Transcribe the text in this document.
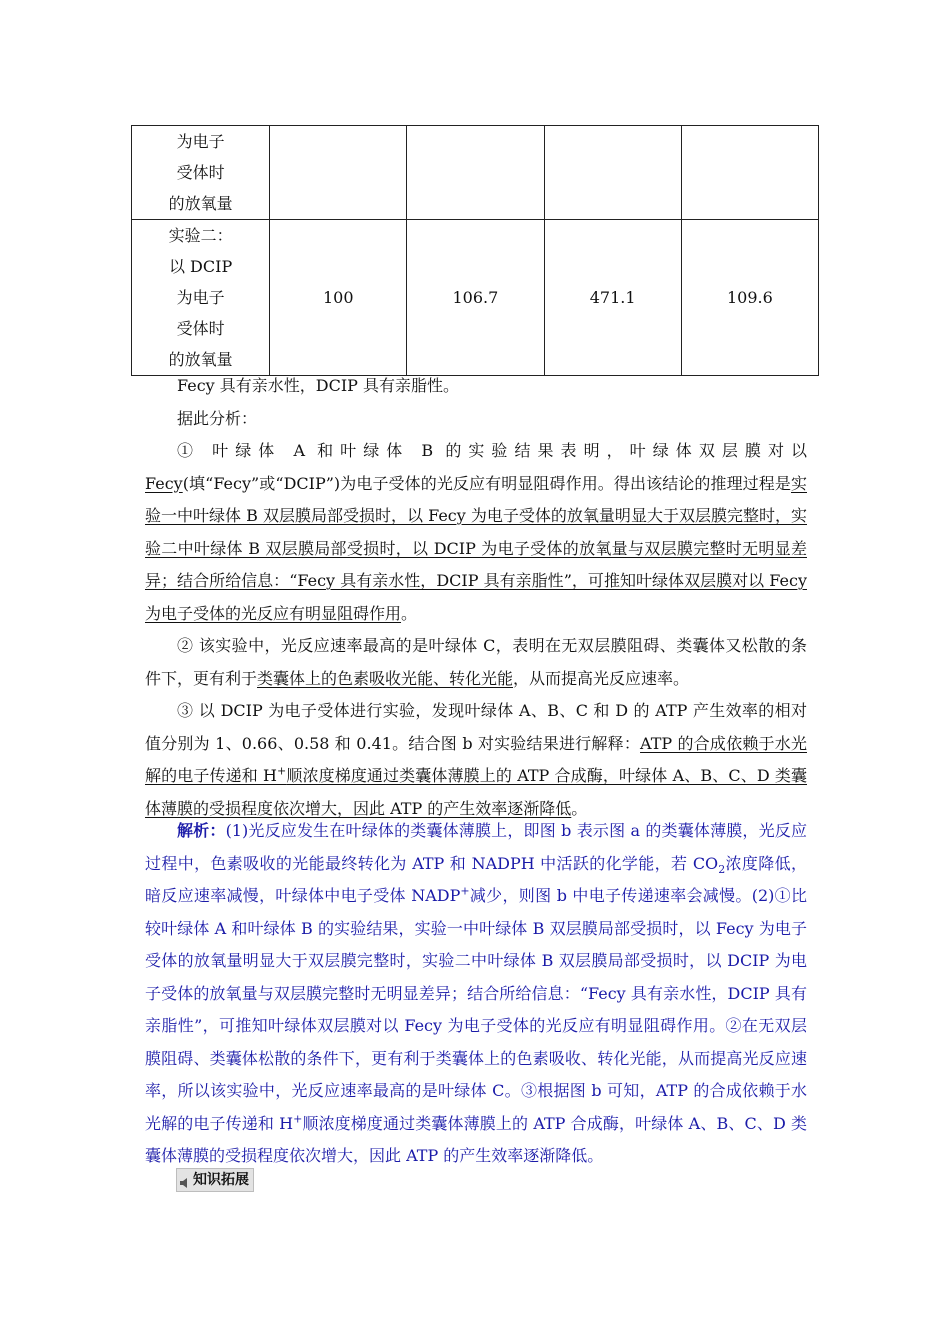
为电子
受体时
的放氧量				

实验二：
以 DCIP
为电子
受体时
的放氧量	100	106.7	471.1	109.6
Fecy 具有亲水性，DCIP 具有亲脂性。
据此分析：
① 叶绿体 A 和叶绿体 B 的实验结果表明，叶绿体双层膜对以 Fecy(填“Fecy”或“DCIP”)为电子受体的光反应有明显阻碍作用。得出该结论的推理过程是实验一中叶绿体 B 双层膜局部受损时，以 Fecy 为电子受体的放氧量明显大于双层膜完整时，实验二中叶绿体 B 双层膜局部受损时，以 DCIP 为电子受体的放氧量与双层膜完整时无明显差异；结合所给信息：“Fecy 具有亲水性，DCIP 具有亲脂性”，可推知叶绿体双层膜对以 Fecy 为电子受体的光反应有明显阻碍作用。
② 该实验中，光反应速率最高的是叶绿体 C，表明在无双层膜阻碍、类囊体又松散的条件下，更有利于类囊体上的色素吸收光能、转化光能，从而提高光反应速率。
③ 以 DCIP 为电子受体进行实验，发现叶绿体 A、B、C 和 D 的 ATP 产生效率的相对值分别为 1、0.66、0.58 和 0.41。结合图 b 对实验结果进行解释：ATP 的合成依赖于水光解的电子传递和 H+顺浓度梯度通过类囊体薄膜上的 ATP 合成酶，叶绿体 A、B、C、D 类囊体薄膜的受损程度依次增大，因此 ATP 的产生效率逐渐降低。
解析：(1)光反应发生在叶绿体的类囊体薄膜上，即图 b 表示图 a 的类囊体薄膜，光反应过程中，色素吸收的光能最终转化为 ATP 和 NADPH 中活跃的化学能，若 $CO_2$浓度降低，暗反应速率减慢，叶绿体中电子受体 NADP+减少，则图 b 中电子传递速率会减慢。(2)①比较叶绿体 A 和叶绿体 B 的实验结果，实验一中叶绿体 B 双层膜局部受损时，以 Fecy 为电子受体的放氧量明显大于双层膜完整时，实验二中叶绿体 B 双层膜局部受损时，以 DCIP 为电子受体的放氧量与双层膜完整时无明显差异；结合所给信息：“Fecy 具有亲水性，DCIP 具有亲脂性”，可推知叶绿体双层膜对以 Fecy 为电子受体的光反应有明显阻碍作用。②在无双层膜阻碍、类囊体松散的条件下，更有利于类囊体上的色素吸收、转化光能，从而提高光反应速率，所以该实验中，光反应速率最高的是叶绿体 C。③根据图 b 可知，ATP 的合成依赖于水光解的电子传递和 H+顺浓度梯度通过类囊体薄膜上的 ATP 合成酶，叶绿体 A、B、C、D 类囊体薄膜的受损程度依次增大，因此 ATP 的产生效率逐渐降低。
知识拓展
